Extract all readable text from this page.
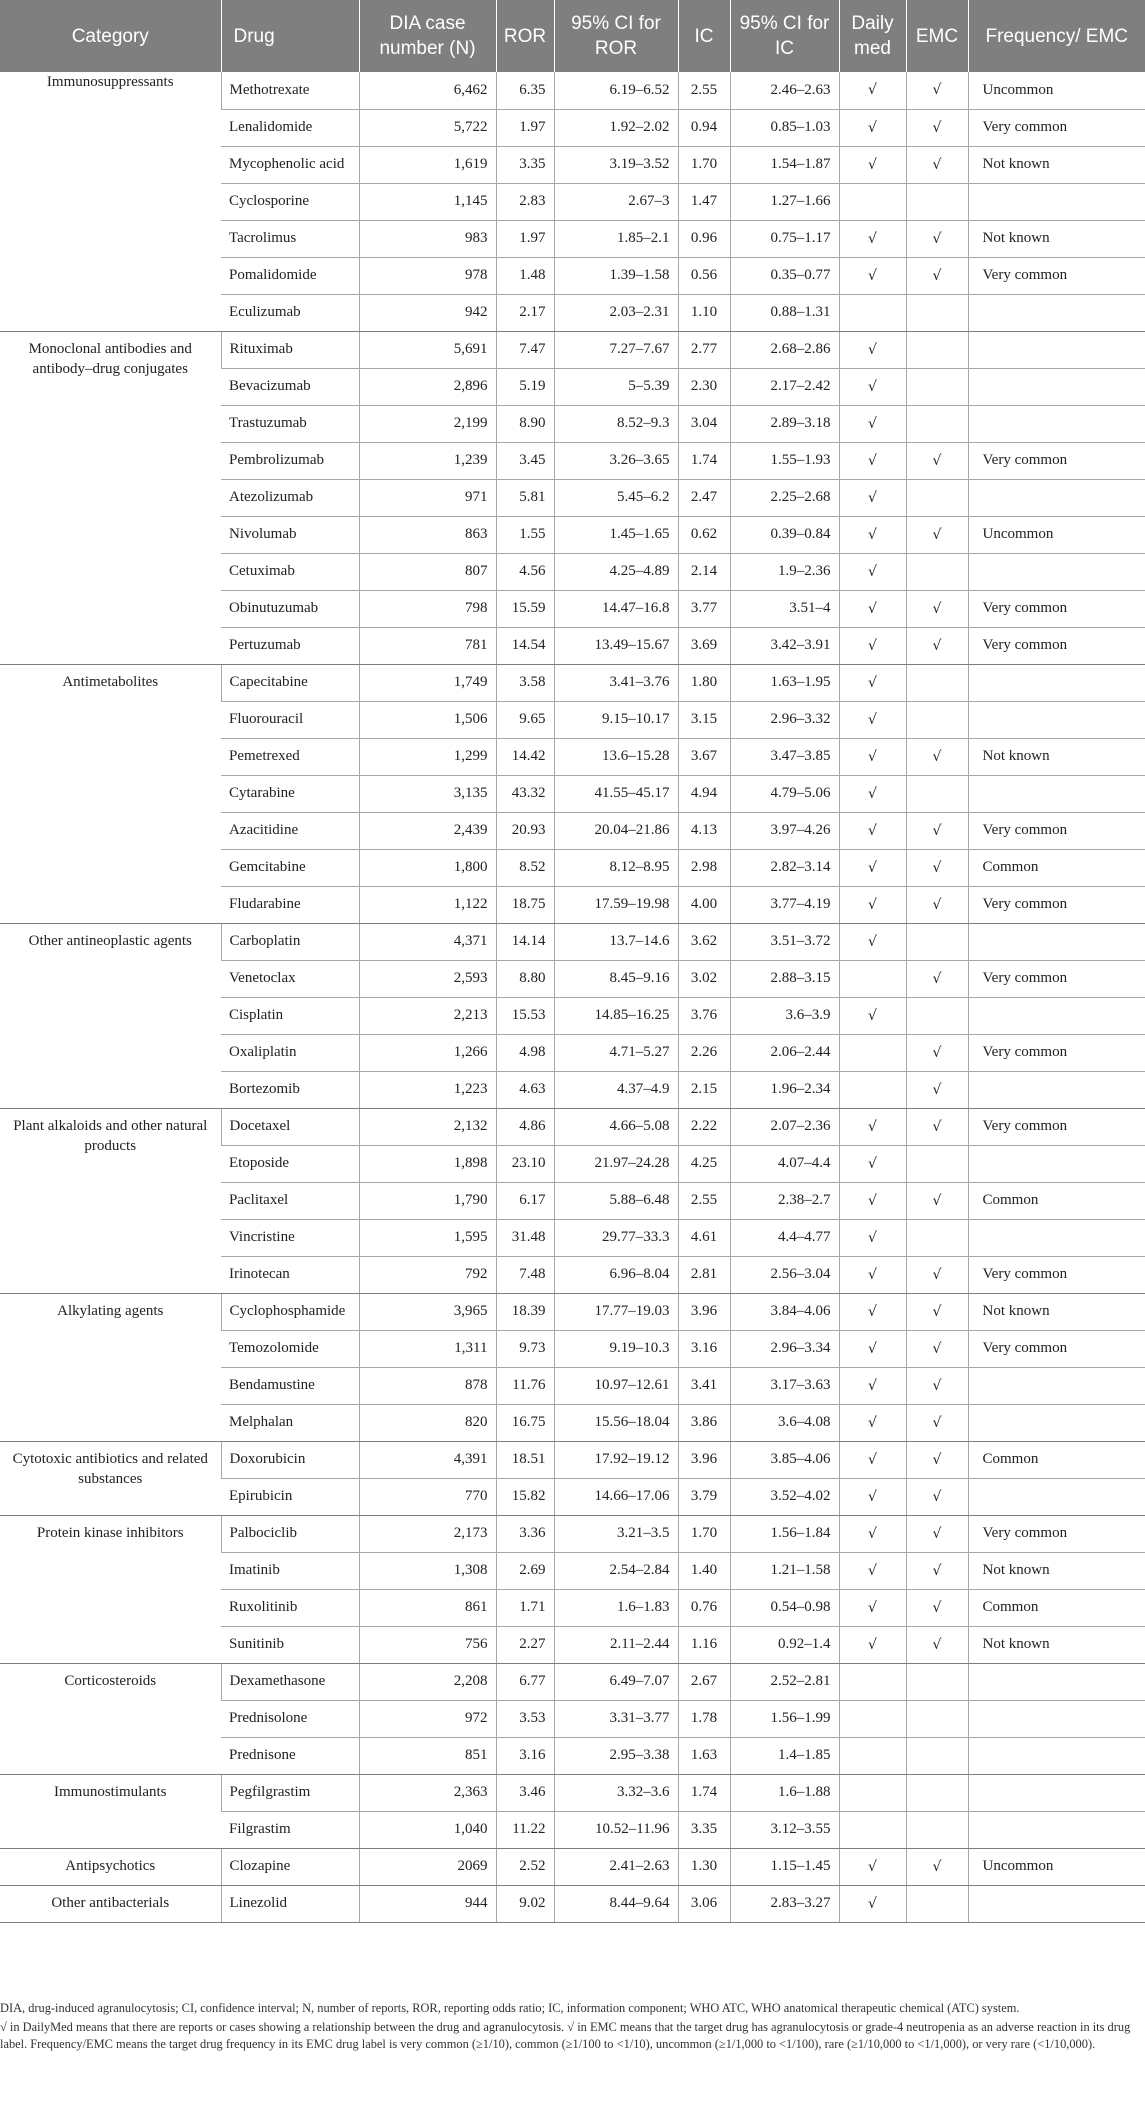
Category	Drug	DIA case number (N)	ROR	95% CI for ROR	IC	95% CI for IC	Daily med	EMC	Frequency/ EMC
Immunosuppressants	Methotrexate	6,462	6.35	6.19–6.52	2.55	2.46–2.63	√	√	Uncommon
	Lenalidomide	5,722	1.97	1.92–2.02	0.94	0.85–1.03	√	√	Very common
	Mycophenolic acid	1,619	3.35	3.19–3.52	1.70	1.54–1.87	√	√	Not known
	Cyclosporine	1,145	2.83	2.67–3	1.47	1.27–1.66			
	Tacrolimus	983	1.97	1.85–2.1	0.96	0.75–1.17	√	√	Not known
	Pomalidomide	978	1.48	1.39–1.58	0.56	0.35–0.77	√	√	Very common
	Eculizumab	942	2.17	2.03–2.31	1.10	0.88–1.31			
Monoclonal antibodies and antibody–drug conjugates	Rituximab	5,691	7.47	7.27–7.67	2.77	2.68–2.86	√		
	Bevacizumab	2,896	5.19	5–5.39	2.30	2.17–2.42	√		
	Trastuzumab	2,199	8.90	8.52–9.3	3.04	2.89–3.18	√		
	Pembrolizumab	1,239	3.45	3.26–3.65	1.74	1.55–1.93	√	√	Very common
	Atezolizumab	971	5.81	5.45–6.2	2.47	2.25–2.68	√		
	Nivolumab	863	1.55	1.45–1.65	0.62	0.39–0.84	√	√	Uncommon
	Cetuximab	807	4.56	4.25–4.89	2.14	1.9–2.36	√		
	Obinutuzumab	798	15.59	14.47–16.8	3.77	3.51–4	√	√	Very common
	Pertuzumab	781	14.54	13.49–15.67	3.69	3.42–3.91	√	√	Very common
Antimetabolites	Capecitabine	1,749	3.58	3.41–3.76	1.80	1.63–1.95	√		
	Fluorouracil	1,506	9.65	9.15–10.17	3.15	2.96–3.32	√		
	Pemetrexed	1,299	14.42	13.6–15.28	3.67	3.47–3.85	√	√	Not known
	Cytarabine	3,135	43.32	41.55–45.17	4.94	4.79–5.06	√		
	Azacitidine	2,439	20.93	20.04–21.86	4.13	3.97–4.26	√	√	Very common
	Gemcitabine	1,800	8.52	8.12–8.95	2.98	2.82–3.14	√	√	Common
	Fludarabine	1,122	18.75	17.59–19.98	4.00	3.77–4.19	√	√	Very common
Other antineoplastic agents	Carboplatin	4,371	14.14	13.7–14.6	3.62	3.51–3.72	√		
	Venetoclax	2,593	8.80	8.45–9.16	3.02	2.88–3.15		√	Very common
	Cisplatin	2,213	15.53	14.85–16.25	3.76	3.6–3.9	√		
	Oxaliplatin	1,266	4.98	4.71–5.27	2.26	2.06–2.44		√	Very common
	Bortezomib	1,223	4.63	4.37–4.9	2.15	1.96–2.34		√	
Plant alkaloids and other natural products	Docetaxel	2,132	4.86	4.66–5.08	2.22	2.07–2.36	√	√	Very common
	Etoposide	1,898	23.10	21.97–24.28	4.25	4.07–4.4	√		
	Paclitaxel	1,790	6.17	5.88–6.48	2.55	2.38–2.7	√	√	Common
	Vincristine	1,595	31.48	29.77–33.3	4.61	4.4–4.77	√		
	Irinotecan	792	7.48	6.96–8.04	2.81	2.56–3.04	√	√	Very common
Alkylating agents	Cyclophosphamide	3,965	18.39	17.77–19.03	3.96	3.84–4.06	√	√	Not known
	Temozolomide	1,311	9.73	9.19–10.3	3.16	2.96–3.34	√	√	Very common
	Bendamustine	878	11.76	10.97–12.61	3.41	3.17–3.63	√	√	
	Melphalan	820	16.75	15.56–18.04	3.86	3.6–4.08	√	√	
Cytotoxic antibiotics and related substances	Doxorubicin	4,391	18.51	17.92–19.12	3.96	3.85–4.06	√	√	Common
	Epirubicin	770	15.82	14.66–17.06	3.79	3.52–4.02	√	√	
Protein kinase inhibitors	Palbociclib	2,173	3.36	3.21–3.5	1.70	1.56–1.84	√	√	Very common
	Imatinib	1,308	2.69	2.54–2.84	1.40	1.21–1.58	√	√	Not known
	Ruxolitinib	861	1.71	1.6–1.83	0.76	0.54–0.98	√	√	Common
	Sunitinib	756	2.27	2.11–2.44	1.16	0.92–1.4	√	√	Not known
Corticosteroids	Dexamethasone	2,208	6.77	6.49–7.07	2.67	2.52–2.81			
	Prednisolone	972	3.53	3.31–3.77	1.78	1.56–1.99			
	Prednisone	851	3.16	2.95–3.38	1.63	1.4–1.85			
Immunostimulants	Pegfilgrastim	2,363	3.46	3.32–3.6	1.74	1.6–1.88			
	Filgrastim	1,040	11.22	10.52–11.96	3.35	3.12–3.55			
Antipsychotics	Clozapine	2069	2.52	2.41–2.63	1.30	1.15–1.45	√	√	Uncommon
Other antibacterials	Linezolid	944	9.02	8.44–9.64	3.06	2.83–3.27	√		

DIA, drug-induced agranulocytosis; CI, confidence interval; N, number of reports, ROR, reporting odds ratio; IC, information component; WHO ATC, WHO anatomical therapeutic chemical (ATC) system.

√ in DailyMed means that there are reports or cases showing a relationship between the drug and agranulocytosis. √ in EMC means that the target drug has agranulocytosis or grade-4 neutropenia as an adverse reaction in its drug label. Frequency/EMC means the target drug frequency in its EMC drug label is very common (≥1/10), common (≥1/100 to <1/10), uncommon (≥1/1,000 to <1/100), rare (≥1/10,000 to <1/1,000), or very rare (<1/10,000).
